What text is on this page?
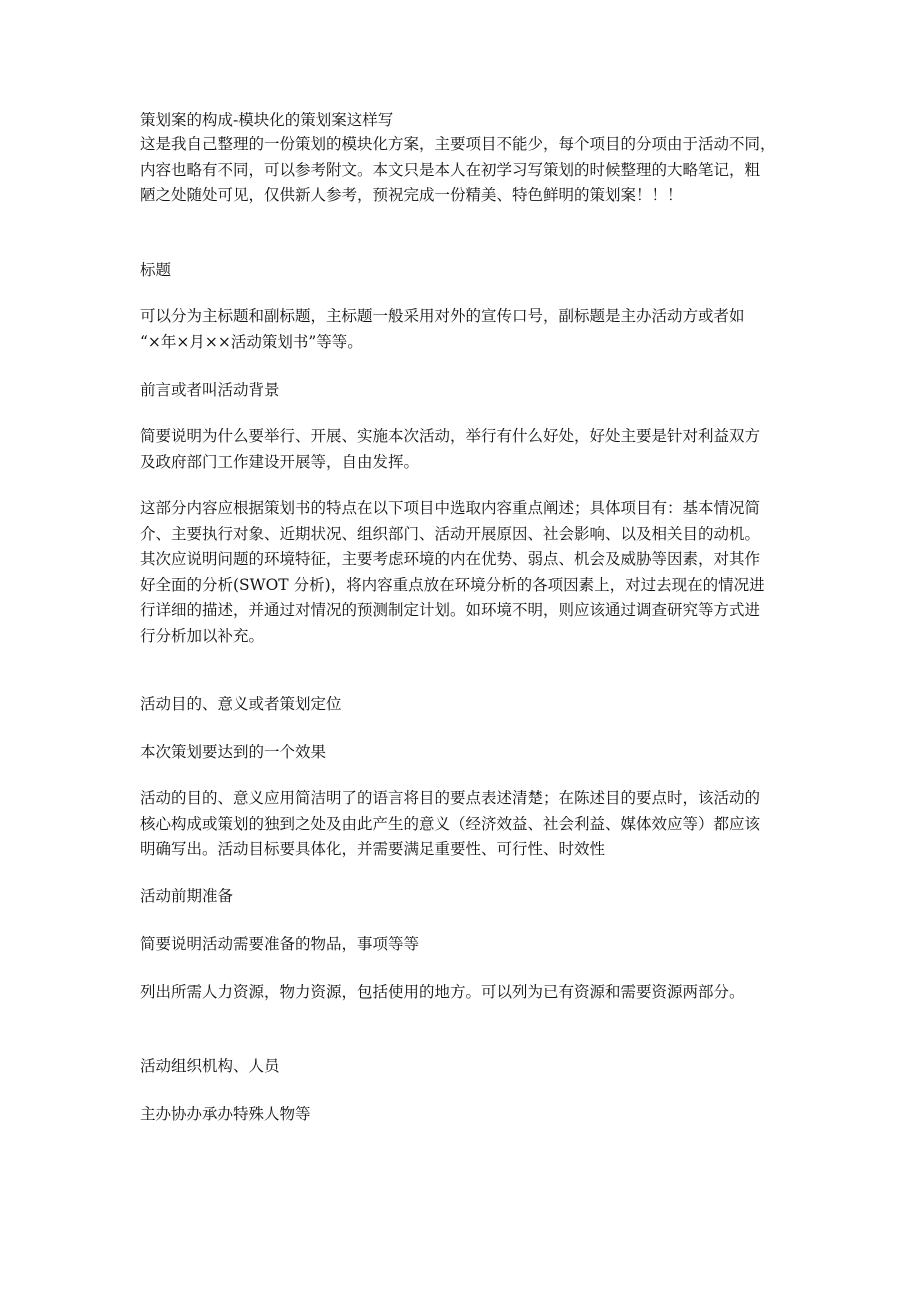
策划案的构成-模块化的策划案这样写

这是我自己整理的一份策划的模块化方案，主要项目不能少，每个项目的分项由于活动不同，
内容也略有不同，可以参考附文。本文只是本人在初学习写策划的时候整理的大略笔记，粗
陋之处随处可见，仅供新人参考，预祝完成一份精美、特色鲜明的策划案！！！

标题

可以分为主标题和副标题，主标题一般采用对外的宣传口号，副标题是主办活动方或者如
“×年×月××活动策划书”等等。

前言或者叫活动背景

简要说明为什么要举行、开展、实施本次活动，举行有什么好处，好处主要是针对利益双方
及政府部门工作建设开展等，自由发挥。
这部分内容应根据策划书的特点在以下项目中选取内容重点阐述；具体项目有：基本情况简
介、主要执行对象、近期状况、组织部门、活动开展原因、社会影响、以及相关目的动机。
其次应说明问题的环境特征，主要考虑环境的内在优势、弱点、机会及威胁等因素，对其作
好全面的分析(SWOT 分析)，将内容重点放在环境分析的各项因素上，对过去现在的情况进
行详细的描述，并通过对情况的预测制定计划。如环境不明，则应该通过调查研究等方式进
行分析加以补充。

活动目的、意义或者策划定位

本次策划要达到的一个效果

活动的目的、意义应用简洁明了的语言将目的要点表述清楚；在陈述目的要点时，该活动的
核心构成或策划的独到之处及由此产生的意义（经济效益、社会利益、媒体效应等）都应该
明确写出。活动目标要具体化，并需要满足重要性、可行性、时效性

活动前期准备

简要说明活动需要准备的物品，事项等等

列出所需人力资源，物力资源，包括使用的地方。可以列为已有资源和需要资源两部分。

活动组织机构、人员

主办协办承办特殊人物等
